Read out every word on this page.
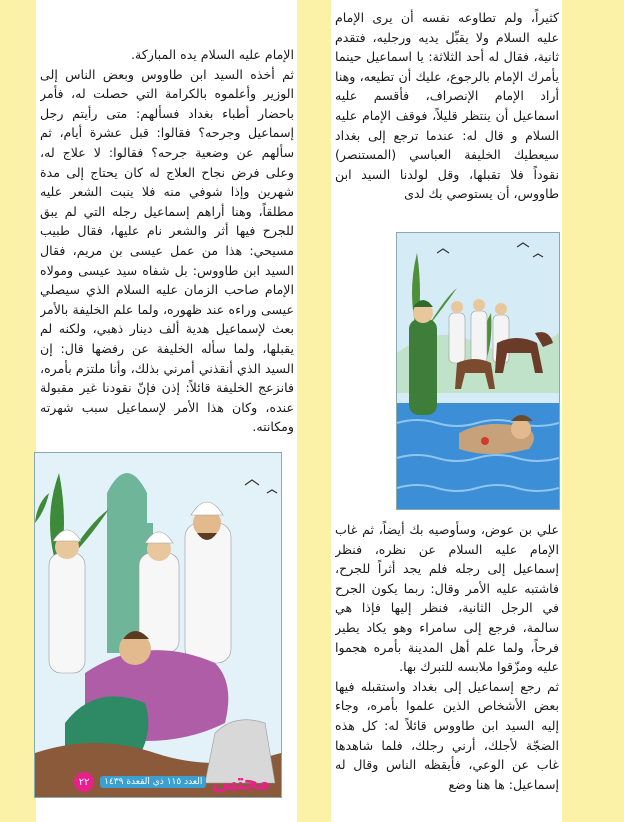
كثيراً، ولم تطاوعه نفسه أن يرى الإمام عليه السلام ولا يقبِّل يديه ورجليه، فتقدم ثانية، فقال له أحد الثلاثة: يا اسماعيل حينما يأمرك الإمام بالرجوع، عليك أن تطيعه، وهنا أراد الإمام الإنصراف، فأقسم عليه اسماعيل أن ينتظر قليلاً، فوقف الإمام عليه السلام و قال له: عندما ترجع إلى بغداد سيعطيك الخليفة العباسي (المستنصر) نقوداً فلا تقبلها، وقل لولدنا السيد ابن طاووس، أن يستوصي بك لدى

علي بن عوض، وسأوصيه بك أيضاً، ثم غاب الإمام عليه السلام عن نظره، فنظر إسماعيل إلى رجله فلم يجد أثراً للجرح، فاشتبه عليه الأمر وقال: ربما يكون الجرح في الرجل الثانية، فنظر إليها فإذا هي سالمة، فرجع إلى سامراء وهو يكاد يطير فرحاً، ولما علم أهل المدينة بأمره هجموا عليه ومزّقوا ملابسه للتبرك بها.

ثم رجع إسماعيل إلى بغداد واستقبله فيها بعض الأشخاص الذين علموا بأمره، وجاء إليه السيد ابن طاووس قائلاً له: كل هذه الضجّة لأجلك، أرني رجلك، فلما شاهدها غاب عن الوعي، فأيقظه الناس وقال له إسماعيل: ها هنا وضع

الإمام عليه السلام يده المباركة.

ثم أخذه السيد ابن طاووس وبعض الناس إلى الوزير وأعلموه بالكرامة التي حصلت له، فأمر باحضار أطباء بغداد فسألهم: متى رأيتم رجل إسماعيل وجرحه؟ فقالوا: قبل عشرة أيام، ثم سألهم عن وضعية جرحه؟ فقالوا: لا علاج له، وعلى فرض نجاح العلاج له كان يحتاج إلى مدة شهرين وإذا شوفي منه فلا ينبت الشعر عليه مطلقاً، وهنا أراهم إسماعيل رجله التي لم يبق للجرح فيها أثر والشعر نام عليها، فقال طبيب مسيحي: هذا من عمل عيسى بن مريم، فقال السيد ابن طاووس: بل شفاه سيد عيسى ومولاه الإمام صاحب الزمان عليه السلام الذي سيصلي عيسى وراءه عند ظهوره، ولما علم الخليفة بالأمر بعث لإسماعيل هدية ألف دينار ذهبي، ولكنه لم يقبلها، ولما سأله الخليفة عن رفضها قال: إن السيد الذي أنقذني أمرني بذلك، وأنا ملتزم بأمره، فانزعج الخليفة قائلاً: إذن فإنّ نقودنا غير مقبولة عنده، وكان هذا الأمر لإسماعيل سبب شهرته ومكانته.

مجتبى
العدد ١١٥ ذي القعدة ١٤٣٩
٢٢
